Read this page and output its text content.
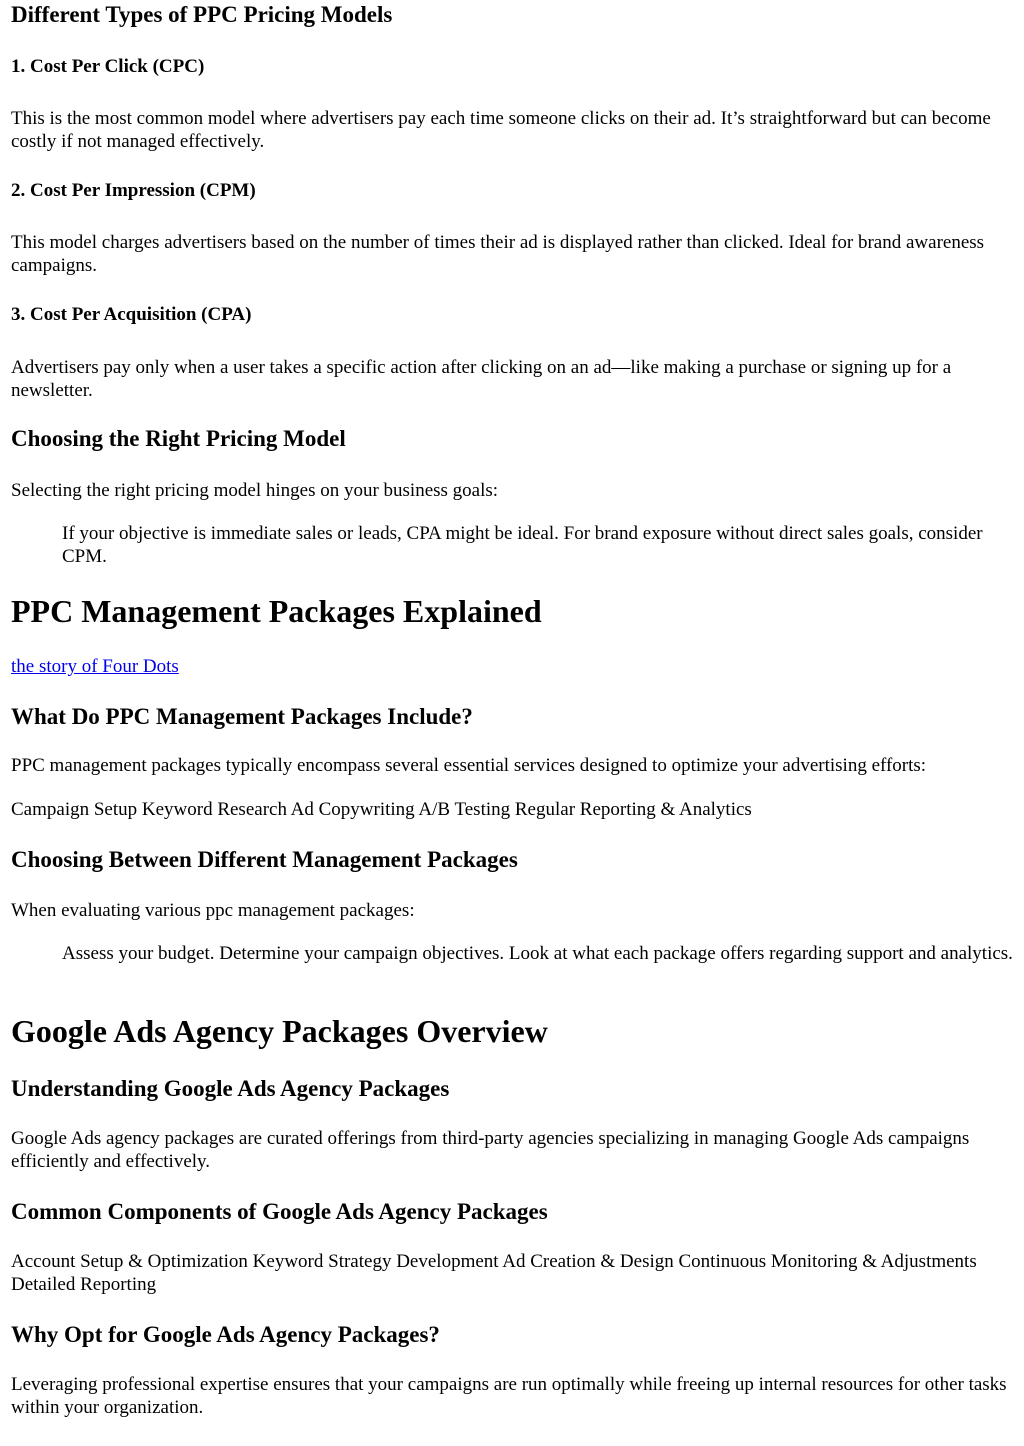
Different Types of PPC Pricing Models
1. Cost Per Click (CPC)

This is the most common model where advertisers pay each time someone clicks on their ad. It’s straightforward but can become costly if not managed effectively.

2. Cost Per Impression (CPM)

This model charges advertisers based on the number of times their ad is displayed rather than clicked. Ideal for brand awareness campaigns.

3. Cost Per Acquisition (CPA)

Advertisers pay only when a user takes a specific action after clicking on an ad—like making a purchase or signing up for a newsletter.

Choosing the Right Pricing Model

Selecting the right pricing model hinges on your business goals:

If your objective is immediate sales or leads, CPA might be ideal. For brand exposure without direct sales goals, consider CPM.
PPC Management Packages Explained
the story of Four Dots
What Do PPC Management Packages Include?

PPC management packages typically encompass several essential services designed to optimize your advertising efforts:

Campaign Setup Keyword Research Ad Copywriting A/B Testing Regular Reporting & Analytics

Choosing Between Different Management Packages

When evaluating various ppc management packages:

Assess your budget. Determine your campaign objectives. Look at what each package offers regarding support and analytics.
Google Ads Agency Packages Overview
Understanding Google Ads Agency Packages

Google Ads agency packages are curated offerings from third-party agencies specializing in managing Google Ads campaigns efficiently and effectively.

Common Components of Google Ads Agency Packages

Account Setup & Optimization Keyword Strategy Development Ad Creation & Design Continuous Monitoring & Adjustments Detailed Reporting

Why Opt for Google Ads Agency Packages?

Leveraging professional expertise ensures that your campaigns are run optimally while freeing up internal resources for other tasks within your organization.
